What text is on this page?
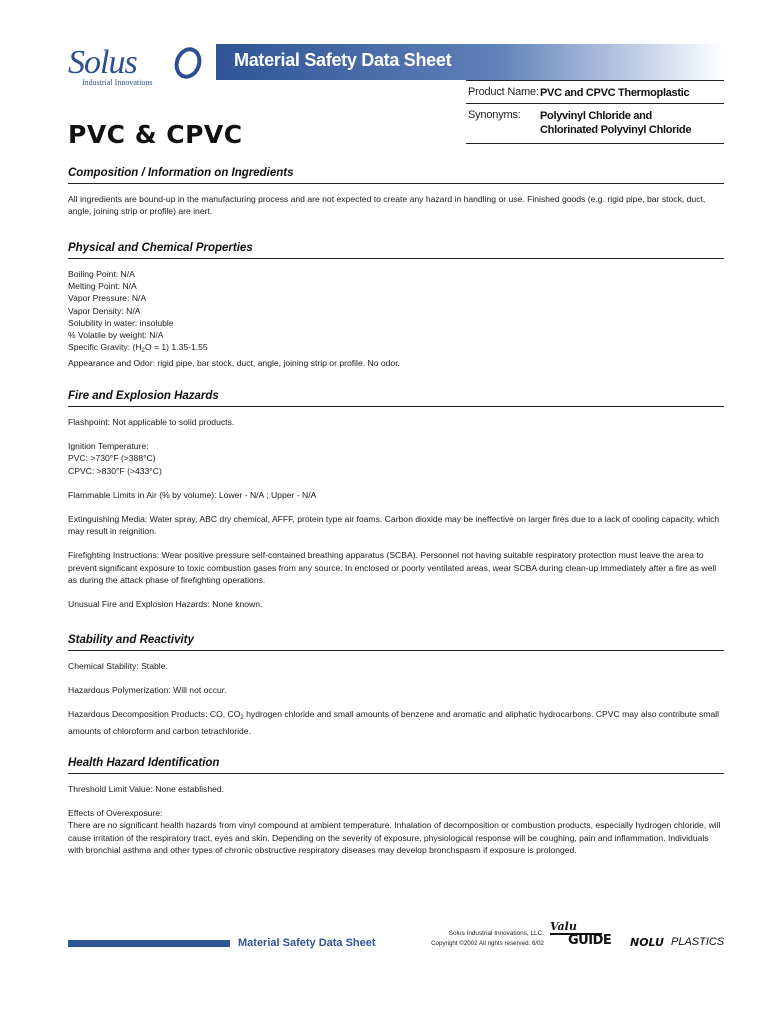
Solus
Industrial Innovations
Material Safety Data Sheet
Product Name: PVC and CPVC Thermoplastic
Synonyms: Polyvinyl Chloride and
Chlorinated Polyvinyl Chloride
PVC & CPVC
Composition / Information on Ingredients

All ingredients are bound-up in the manufacturing process and are not expected to create any hazard in handling or use. Finished goods (e.g. rigid pipe, bar stock, duct, angle, joining strip or profile) are inert.

Physical and Chemical Properties

Boiling Point: N/A

Melting Point: N/A

Vapor Pressure: N/A

Vapor Density: N/A

Solubility in water: insoluble

% Volatile by weight: N/A

Specific Gravity: $(H_2O = 1)$ 1.35-1.55

Appearance and Odor: rigid pipe, bar stock, duct, angle, joining strip or profile. No odor.

Fire and Explosion Hazards

Flashpoint: Not applicable to solid products.

Ignition Temperature:

PVC: >730°F (>388°C)

CPVC: >830°F (>433°C)

Flammable Limits in Air (% by volume): Lower - N/A ; Upper - N/A

Extinguishing Media: Water spray, ABC dry chemical, AFFF, protein type air foams. Carbon dioxide may be ineffective on larger fires due to a lack of cooling capacity, which may result in reignition.

Firefighting Instructions: Wear positive pressure self-contained breathing apparatus (SCBA). Personnel not having suitable respiratory protection must leave the area to prevent significant exposure to toxic combustion gases from any source. In enclosed or poorly ventilated areas, wear SCBA during clean-up immediately after a fire as well as during the attack phase of firefighting operations.

Unusual Fire and Explosion Hazards: None known.

Stability and Reactivity

Chemical Stability: Stable.

Hazardous Polymerization: Will not occur.

Hazardous Decomposition Products: CO, $CO_2$ hydrogen chloride and small amounts of benzene and aromatic and aliphatic hydrocarbons. CPVC may also contribute small amounts of chloroform and carbon tetrachloride.

Health Hazard Identification

Threshold Limit Value: None established.

Effects of Overexposure:

There are no significant health hazards from vinyl compound at ambient temperature. Inhalation of decomposition or combustion products, especially hydrogen chloride, will cause irritation of the respiratory tract, eyes and skin. Depending on the severity of exposure, physiological response will be coughing, pain and inflammation. Individuals with bronchial asthma and other types of chronic obstructive respiratory diseases may develop bronchspasm if exposure is prolonged.

Material Safety Data Sheet
Solus Industrial Innovations, LLC.
Copyright ©2002 All rights reserved. 6/02
Valu
GUIDE NOLU PLASTICS
